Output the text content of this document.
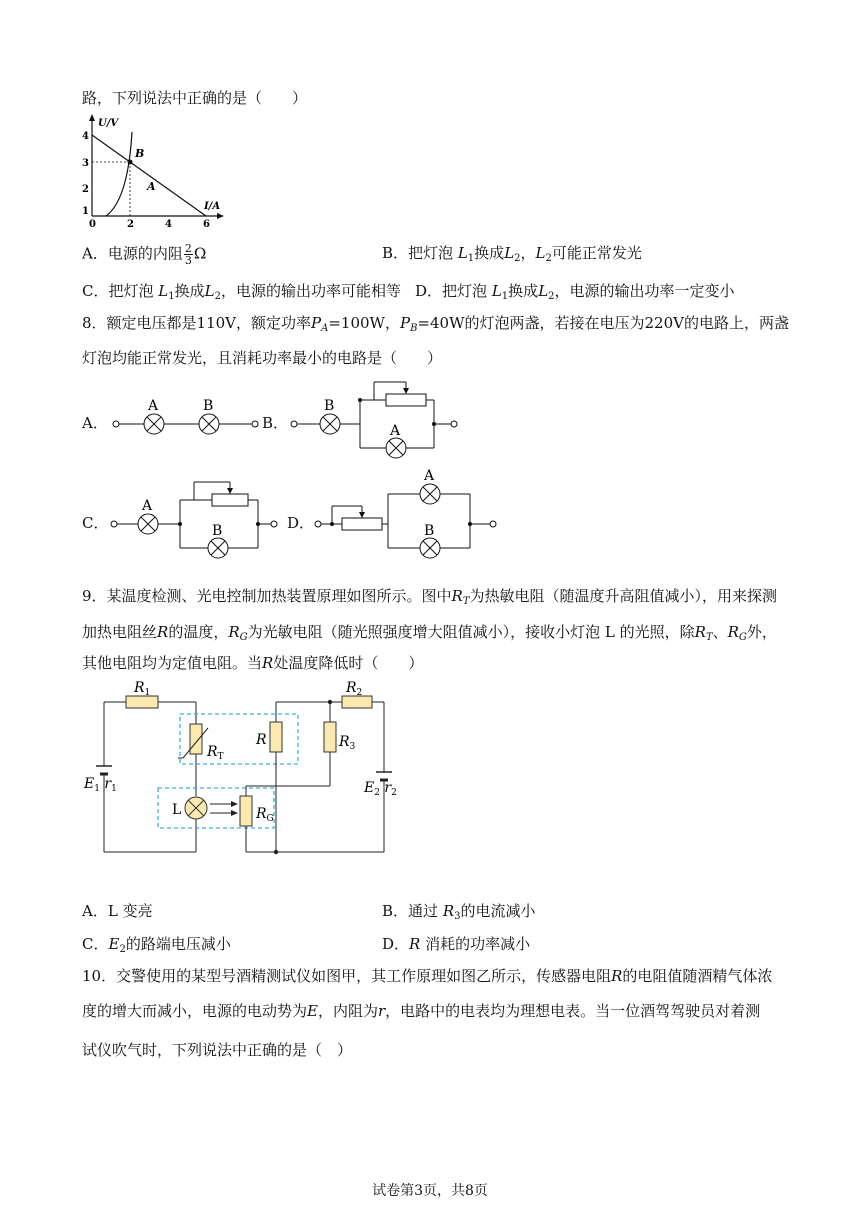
路，下列说法中正确的是（　　）
U/V
I/A
4
3
2
1
0	2	4	6
B
A
A．电源的内阻 $\frac{2}{3}$ Ω	B．把灯泡 $L_1$换成$L_2$，$L_2$可能正常发光
C．把灯泡 $L_1$换成$L_2$，电源的输出功率可能相等 D．把灯泡 $L_1$换成$L_2$，电源的输出功率一定变小
8．额定电压都是110V，额定功率$P_A=100W$，$P_B=40W$的灯泡两盏，若接在电压为220V的电路上，两盏
灯泡均能正常发光，且消耗功率最小的电路是（　　）
A．
A	B
B．
B
A
C．
A
B	D．
A
B
9．某温度检测、光电控制加热装置原理如图所示。图中$R_T$为热敏电阻（随温度升高阻值减小），用来探测
加热电阻丝R的温度，$R_G$为光敏电阻（随光照强度增大阻值减小），接收小灯泡 L 的光照，除$R_T$、$R_G$外，
其他电阻均为定值电阻。当R处温度降低时（　　）
$R_1$	$R_2$
$R_3$
$R_T$
R
$R_G$
L
$E_1$ $r_1$	$E_2$ $r_2$
A．L 变亮	B．通过 $R_3$的电流减小
C．$E_2$的路端电压减小	D．R 消耗的功率减小
10．交警使用的某型号酒精测试仪如图甲，其工作原理如图乙所示，传感器电阻R的电阻值随酒精气体浓
度的增大而减小，电源的电动势为E，内阻为r，电路中的电表均为理想电表。当一位酒驾驾驶员对着测
试仪吹气时，下列说法中正确的是（　）
试卷第3页，共8页
